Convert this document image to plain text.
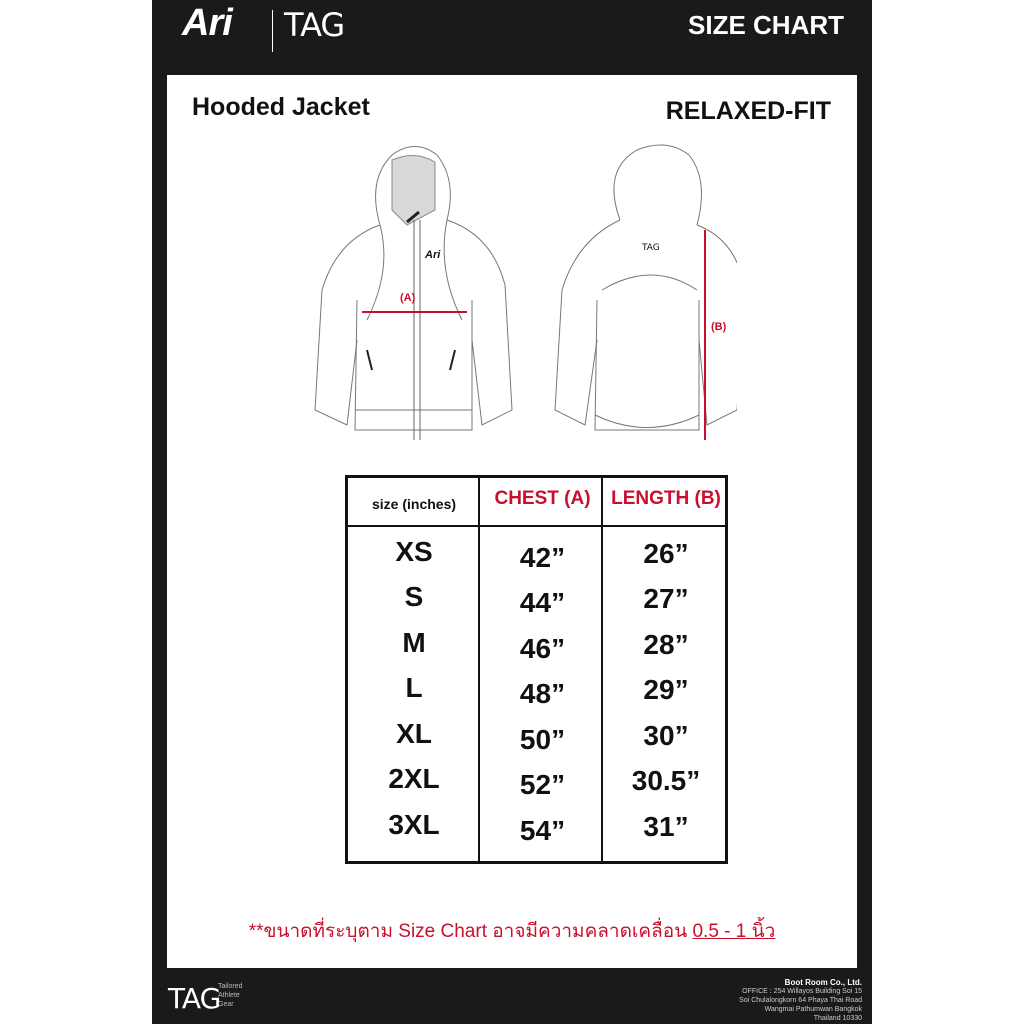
Ari TAG	SIZE CHART
Hooded Jacket	RELAXED-FIT
Ari
(A)
TAG
(B)
size (inches)	CHEST (A)	LENGTH (B)
XS	42”	26”
S	44”	27”
M	46”	28”
L	48”	29”
XL	50”	30”
2XL	52”	30.5”
3XL	54”	31”
**ขนาดที่ระบุตาม Size Chart อาจมีความคลาดเคลื่อน 0.5 - 1 นิ้ว
TAG
Tailored
Athlete
Gear
Boot Room Co., Ltd.
OFFICE : 254 Willayos Building Soi 15
Soi Chulalongkorn 64 Phaya Thai Road
Wangmai Pathumwan Bangkok
Thailand 10330
